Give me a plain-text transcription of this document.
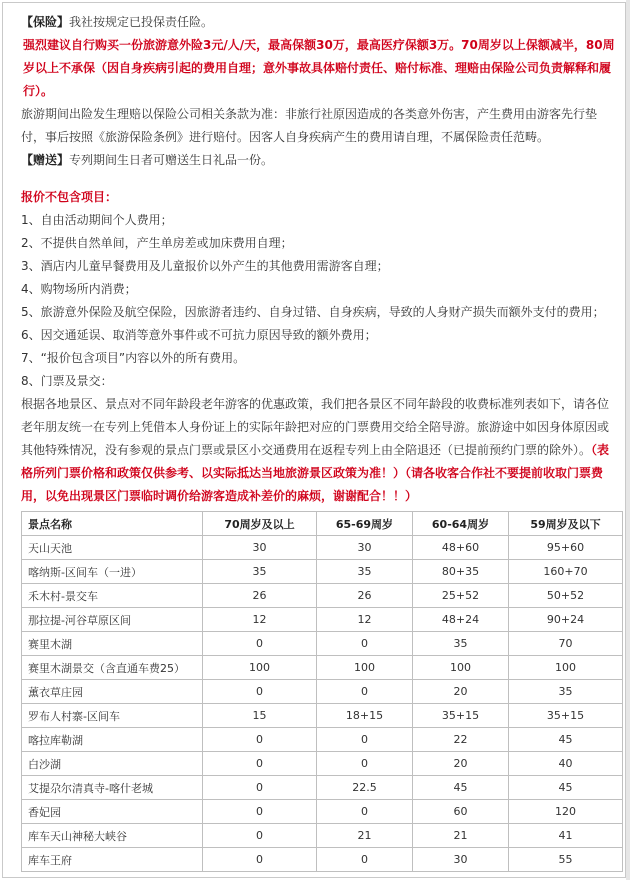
【保险】我社按规定已投保责任险。

强烈建议自行购买一份旅游意外险3元/人/天，最高保额30万，最高医疗保额3万。70周岁以上保额减半，80周岁以上不承保（因自身疾病引起的费用自理；意外事故具体赔付责任、赔付标准、理赔由保险公司负责解释和履行）。

旅游期间出险发生理赔以保险公司相关条款为准：非旅行社原因造成的各类意外伤害，产生费用由游客先行垫付，事后按照《旅游保险条例》进行赔付。因客人自身疾病产生的费用请自理，不属保险责任范畴。

【赠送】专列期间生日者可赠送生日礼品一份。

报价不包含项目：

1、自由活动期间个人费用；

2、不提供自然单间，产生单房差或加床费用自理；

3、酒店内儿童早餐费用及儿童报价以外产生的其他费用需游客自理；

4、购物场所内消费；

5、旅游意外保险及航空保险，因旅游者违约、自身过错、自身疾病，导致的人身财产损失而额外支付的费用；

6、因交通延误、取消等意外事件或不可抗力原因导致的额外费用；

7、“报价包含项目”内容以外的所有费用。

8、门票及景交：

根据各地景区、景点对不同年龄段老年游客的优惠政策，我们把各景区不同年龄段的收费标准列表如下，请各位老年朋友统一在专列上凭借本人身份证上的实际年龄把对应的门票费用交给全陪导游。旅游途中如因身体原因或其他特殊情况，没有参观的景点门票或景区小交通费用在返程专列上由全陪退还（已提前预约门票的除外）。（表格所列门票价格和政策仅供参考、以实际抵达当地旅游景区政策为准！）（请各收客合作社不要提前收取门票费用，以免出现景区门票临时调价给游客造成补差价的麻烦，谢谢配合！！）

景点名称	70周岁及以上	65-69周岁	60-64周岁	59周岁及以下
天山天池	30	30	48+60	95+60
喀纳斯-区间车（一进）	35	35	80+35	160+70
禾木村-景交车	26	26	25+52	50+52
那拉提-河谷草原区间	12	12	48+24	90+24
赛里木湖	0	0	35	70
赛里木湖景交（含直通车费25）	100	100	100	100
薰衣草庄园	0	0	20	35
罗布人村寨-区间车	15	18+15	35+15	35+15
喀拉库勒湖	0	0	22	45
白沙湖	0	0	20	40
艾提尕尔清真寺-喀什老城	0	22.5	45	45
香妃园	0	0	60	120
库车天山神秘大峡谷	0	21	21	41
库车王府	0	0	30	55
